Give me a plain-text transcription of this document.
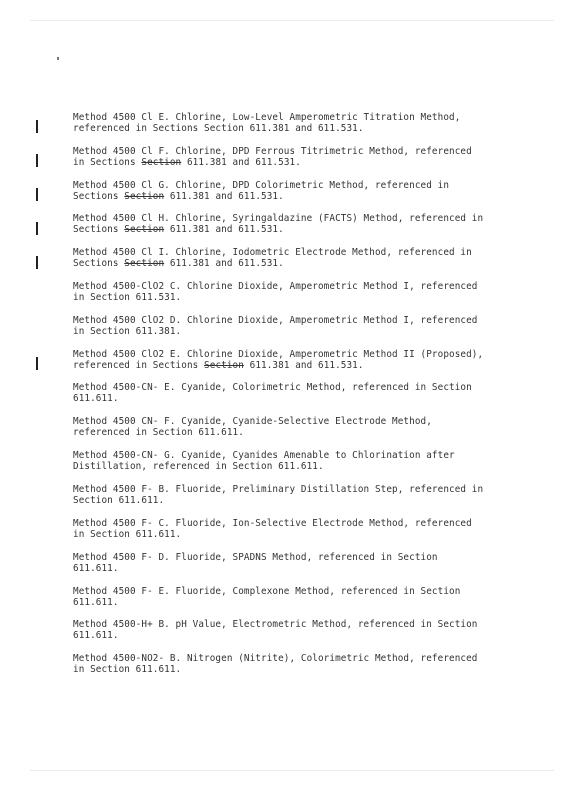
Method 4500 Cl E. Chlorine, Low-Level Amperometric Titration Method,
referenced in Sections Section 611.381 and 611.531.
Method 4500 Cl F. Chlorine, DPD Ferrous Titrimetric Method, referenced
in Sections Section 611.381 and 611.531.
Method 4500 Cl G. Chlorine, DPD Colorimetric Method, referenced in
Sections Section 611.381 and 611.531.
Method 4500 Cl H. Chlorine, Syringaldazine (FACTS) Method, referenced in
Sections Section 611.381 and 611.531.
Method 4500 Cl I. Chlorine, Iodometric Electrode Method, referenced in
Sections Section 611.381 and 611.531.
Method 4500-ClO2 C. Chlorine Dioxide, Amperometric Method I, referenced
in Section 611.531.
Method 4500 ClO2 D. Chlorine Dioxide, Amperometric Method I, referenced
in Section 611.381.
Method 4500 ClO2 E. Chlorine Dioxide, Amperometric Method II (Proposed),
referenced in Sections Section 611.381 and 611.531.
Method 4500-CN- E. Cyanide, Colorimetric Method, referenced in Section
611.611.
Method 4500 CN- F. Cyanide, Cyanide-Selective Electrode Method,
referenced in Section 611.611.
Method 4500-CN- G. Cyanide, Cyanides Amenable to Chlorination after
Distillation, referenced in Section 611.611.
Method 4500 F- B. Fluoride, Preliminary Distillation Step, referenced in
Section 611.611.
Method 4500 F- C. Fluoride, Ion-Selective Electrode Method, referenced
in Section 611.611.
Method 4500 F- D. Fluoride, SPADNS Method, referenced in Section
611.611.
Method 4500 F- E. Fluoride, Complexone Method, referenced in Section
611.611.
Method 4500-H+ B. pH Value, Electrometric Method, referenced in Section
611.611.
Method 4500-NO2- B. Nitrogen (Nitrite), Colorimetric Method, referenced
in Section 611.611.
